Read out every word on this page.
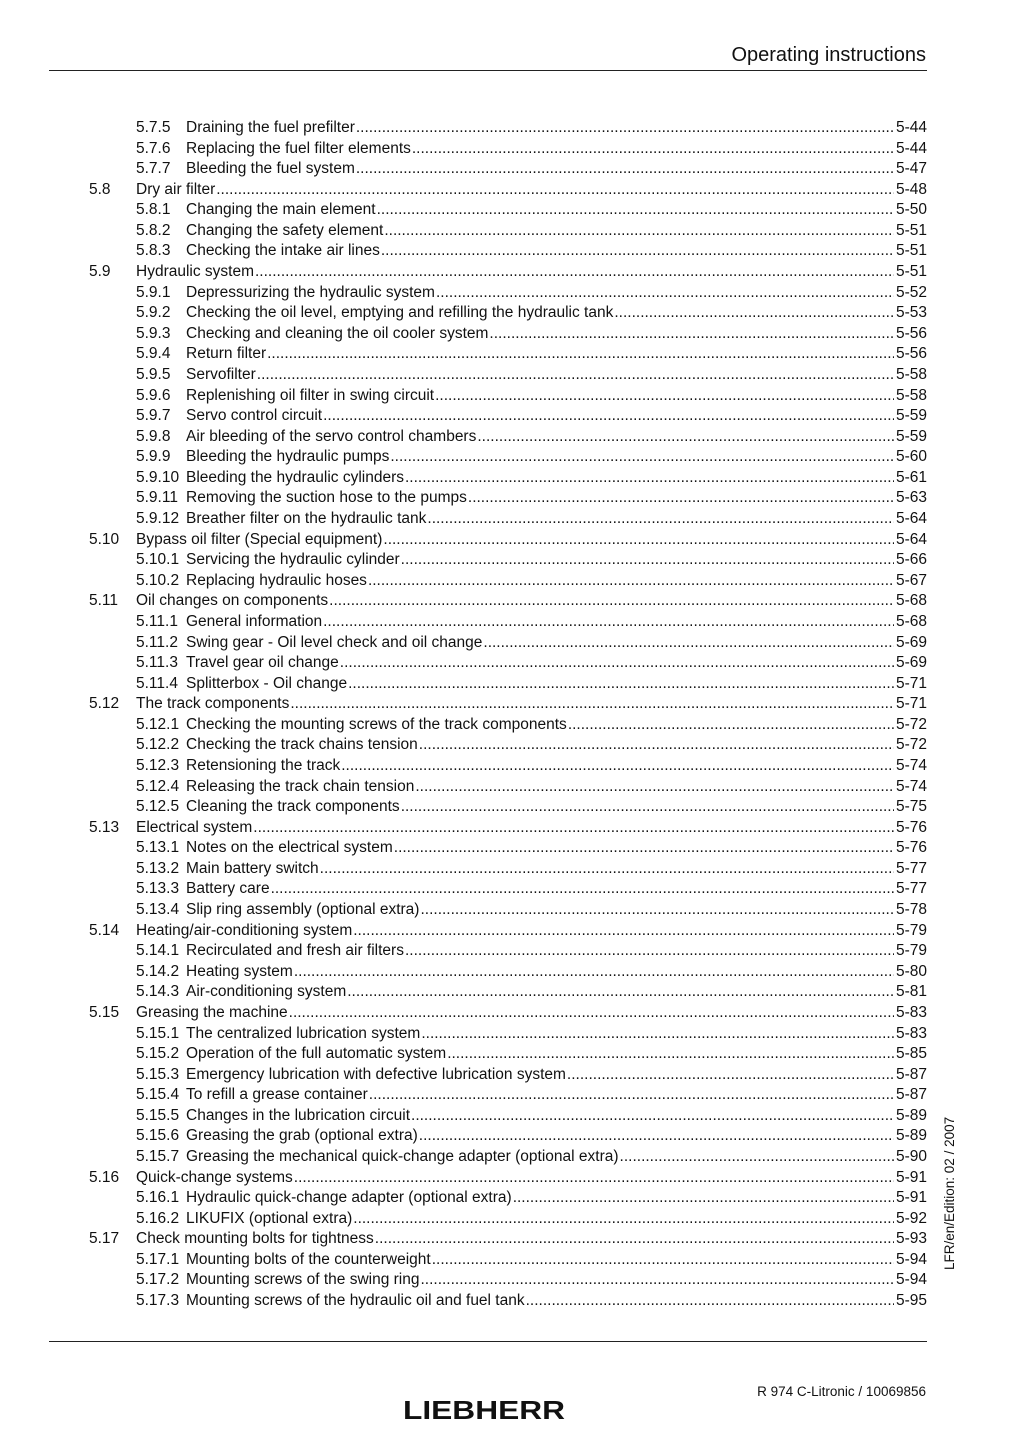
Operating instructions
5.7.5 Draining the fuel prefilter .....	5-44
5.7.6 Replacing the fuel filter elements .....	5-44
5.7.7 Bleeding the fuel system .....	5-47
5.8 Dry air filter .....	5-48
5.8.1 Changing the main element .....	5-50
5.8.2 Changing the safety element .....	5-51
5.8.3 Checking the intake air lines .....	5-51
5.9 Hydraulic system .....	5-51
5.9.1 Depressurizing the hydraulic system .....	5-52
5.9.2 Checking the oil level, emptying and refilling the hydraulic tank .....	5-53
5.9.3 Checking and cleaning the oil cooler system .....	5-56
5.9.4 Return filter .....	5-56
5.9.5 Servofilter .....	5-58
5.9.6 Replenishing oil filter in swing circuit .....	5-58
5.9.7 Servo control circuit .....	5-59
5.9.8 Air bleeding of the servo control chambers .....	5-59
5.9.9 Bleeding the hydraulic pumps .....	5-60
5.9.10 Bleeding the hydraulic cylinders .....	5-61
5.9.11 Removing the suction hose to the pumps .....	5-63
5.9.12 Breather filter on the hydraulic tank .....	5-64
5.10 Bypass oil filter (Special equipment) .....	5-64
5.10.1 Servicing the hydraulic cylinder .....	5-66
5.10.2 Replacing hydraulic hoses .....	5-67
5.11 Oil changes on components .....	5-68
5.11.1 General information .....	5-68
5.11.2 Swing gear - Oil level check and oil change .....	5-69
5.11.3 Travel gear oil change .....	5-69
5.11.4 Splitterbox - Oil change .....	5-71
5.12 The track components .....	5-71
5.12.1 Checking the mounting screws of the track components .....	5-72
5.12.2 Checking the track chains tension .....	5-72
5.12.3 Retensioning the track .....	5-74
5.12.4 Releasing the track chain tension .....	5-74
5.12.5 Cleaning the track components .....	5-75
5.13 Electrical system .....	5-76
5.13.1 Notes on the electrical system .....	5-76
5.13.2 Main battery switch .....	5-77
5.13.3 Battery care .....	5-77
5.13.4 Slip ring assembly (optional extra) .....	5-78
5.14 Heating/air-conditioning system .....	5-79
5.14.1 Recirculated and fresh air filters .....	5-79
5.14.2 Heating system .....	5-80
5.14.3 Air-conditioning system .....	5-81
5.15 Greasing the machine .....	5-83
5.15.1 The centralized lubrication system .....	5-83
5.15.2 Operation of the full automatic system .....	5-85
5.15.3 Emergency lubrication with defective lubrication system .....	5-87
5.15.4 To refill a grease container .....	5-87
5.15.5 Changes in the lubrication circuit .....	5-89
5.15.6 Greasing the grab (optional extra) .....	5-89
5.15.7 Greasing the mechanical quick-change adapter (optional extra) .....	5-90
5.16 Quick-change systems .....	5-91
5.16.1 Hydraulic quick-change adapter (optional extra) .....	5-91
5.16.2 LIKUFIX (optional extra) .....	5-92
5.17 Check mounting bolts for tightness .....	5-93
5.17.1 Mounting bolts of the counterweight .....	5-94
5.17.2 Mounting screws of the swing ring .....	5-94
5.17.3 Mounting screws of the hydraulic oil and fuel tank .....	5-95
LFR/en/Edition: 02 / 2007
LIEBHERR
R 974 C-Litronic / 10069856
